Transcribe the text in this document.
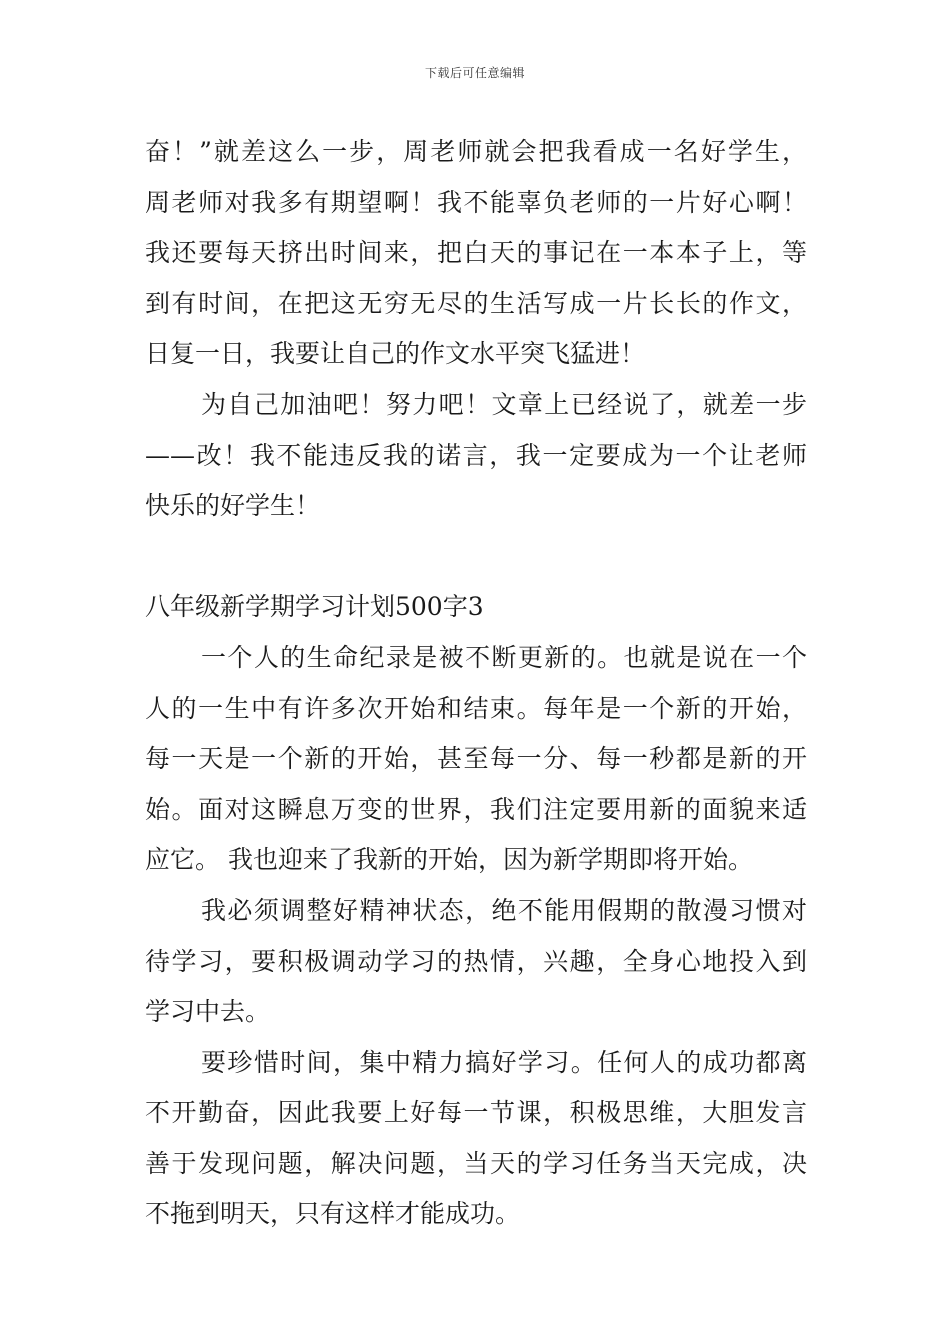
下载后可任意编辑
奋！”就差这么一步，周老师就会把我看成一名好学生，
周老师对我多有期望啊！我不能辜负老师的一片好心啊！
我还要每天挤出时间来，把白天的事记在一本本子上，等
到有时间，在把这无穷无尽的生活写成一片长长的作文，
日复一日，我要让自己的作文水平突飞猛进！
为自己加油吧！努力吧！文章上已经说了，就差一步
——改！我不能违反我的诺言，我一定要成为一个让老师
快乐的好学生！
八年级新学期学习计划500字3
一个人的生命纪录是被不断更新的。也就是说在一个
人的一生中有许多次开始和结束。每年是一个新的开始，
每一天是一个新的开始，甚至每一分、每一秒都是新的开
始。面对这瞬息万变的世界，我们注定要用新的面貌来适
应它。 我也迎来了我新的开始，因为新学期即将开始。
我必须调整好精神状态，绝不能用假期的散漫习惯对
待学习，要积极调动学习的热情，兴趣，全身心地投入到
学习中去。
要珍惜时间，集中精力搞好学习。任何人的成功都离
不开勤奋，因此我要上好每一节课，积极思维，大胆发言
善于发现问题，解决问题，当天的学习任务当天完成，决
不拖到明天，只有这样才能成功。
